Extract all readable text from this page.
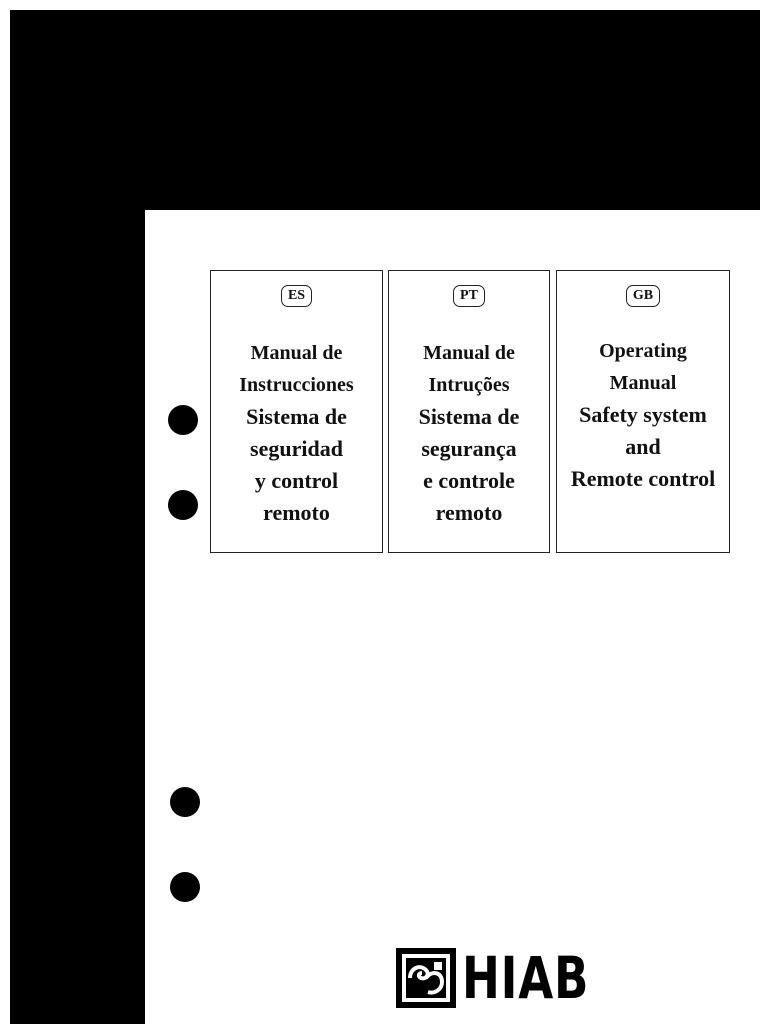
ES
Manual de
Instrucciones
Sistema de
seguridad
y control
remoto
PT
Manual de
Intruções
Sistema de
segurança
e controle
remoto
GB
Operating
Manual
Safety system
and
Remote control
HIAB
